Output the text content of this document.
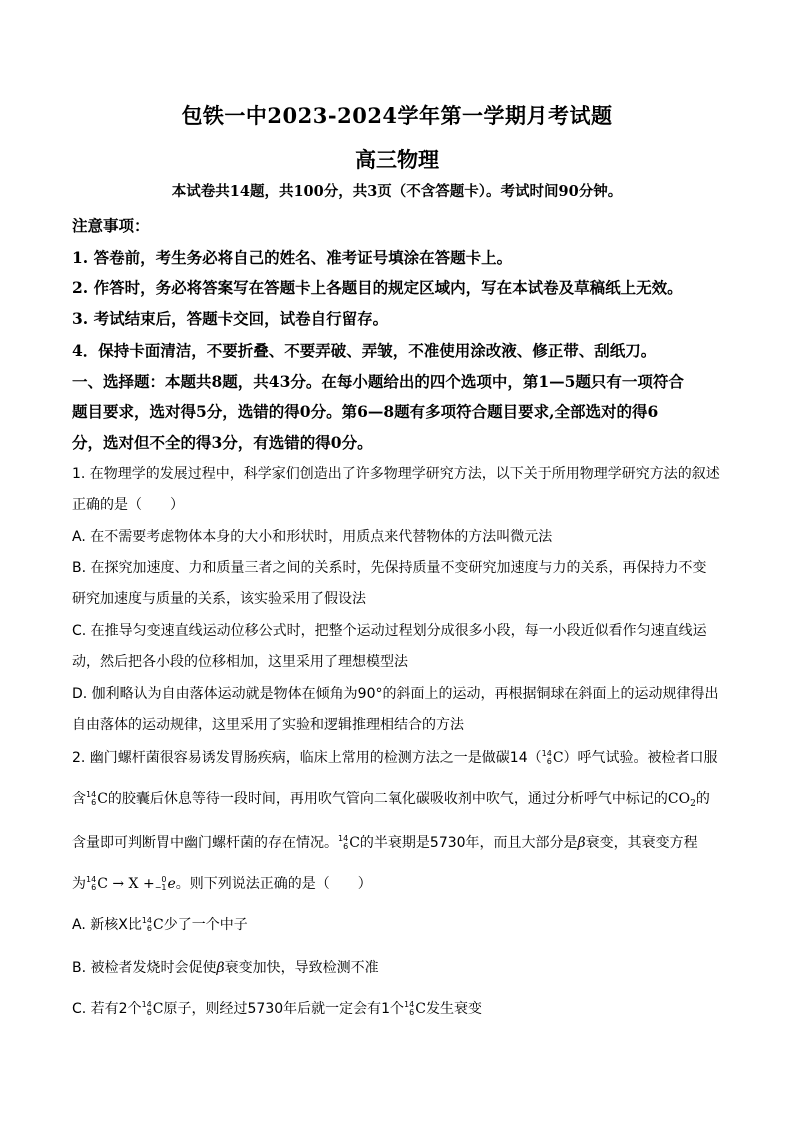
包铁一中2023-2024学年第一学期月考试题
高三物理
本试卷共14题，共100分，共3页（不含答题卡）。考试时间90分钟。
注意事项：
1. 答卷前，考生务必将自己的姓名、准考证号填涂在答题卡上。
2. 作答时，务必将答案写在答题卡上各题目的规定区域内，写在本试卷及草稿纸上无效。
3. 考试结束后，答题卡交回，试卷自行留存。
4．保持卡面清洁，不要折叠、不要弄破、弄皱，不准使用涂改液、修正带、刮纸刀。
一、选择题：本题共8题，共43分。在每小题给出的四个选项中，第1—5题只有一项符合
题目要求，选对得5分，选错的得0分。第6—8题有多项符合题目要求,全部选对的得6
分，选对但不全的得3分，有选错的得0分。
1. 在物理学的发展过程中，科学家们创造出了许多物理学研究方法，以下关于所用物理学研究方法的叙述
正确的是（　　）
A. 在不需要考虑物体本身的大小和形状时，用质点来代替物体的方法叫微元法
B. 在探究加速度、力和质量三者之间的关系时，先保持质量不变研究加速度与力的关系，再保持力不变
研究加速度与质量的关系，该实验采用了假设法
C. 在推导匀变速直线运动位移公式时，把整个运动过程划分成很多小段，每一小段近似看作匀速直线运
动，然后把各小段的位移相加，这里采用了理想模型法
D. 伽利略认为自由落体运动就是物体在倾角为90°的斜面上的运动，再根据铜球在斜面上的运动规律得出
自由落体的运动规律，这里采用了实验和逻辑推理相结合的方法
2. 幽门螺杆菌很容易诱发胃肠疾病，临床上常用的检测方法之一是做碳14（ 14
6 C）呼气试验。被检者口服
含 14
6 C的胶囊后休息等待一段时间，再用吹气管向二氧化碳吸收剂中吹气，通过分析呼气中标记的$CO_2$的
含量即可判断胃中幽门螺杆菌的存在情况。 14
6 C的半衰期是5730年，而且大部分是β衰变，其衰变方程
为 14
6 C → X + 0
−1 e。则下列说法正确的是（　　）
A. 新核X比 14
6 C少了一个中子
B. 被检者发烧时会促使β衰变加快，导致检测不准
C. 若有2个 14
6 C原子，则经过5730年后就一定会有1个 14
6 C发生衰变
